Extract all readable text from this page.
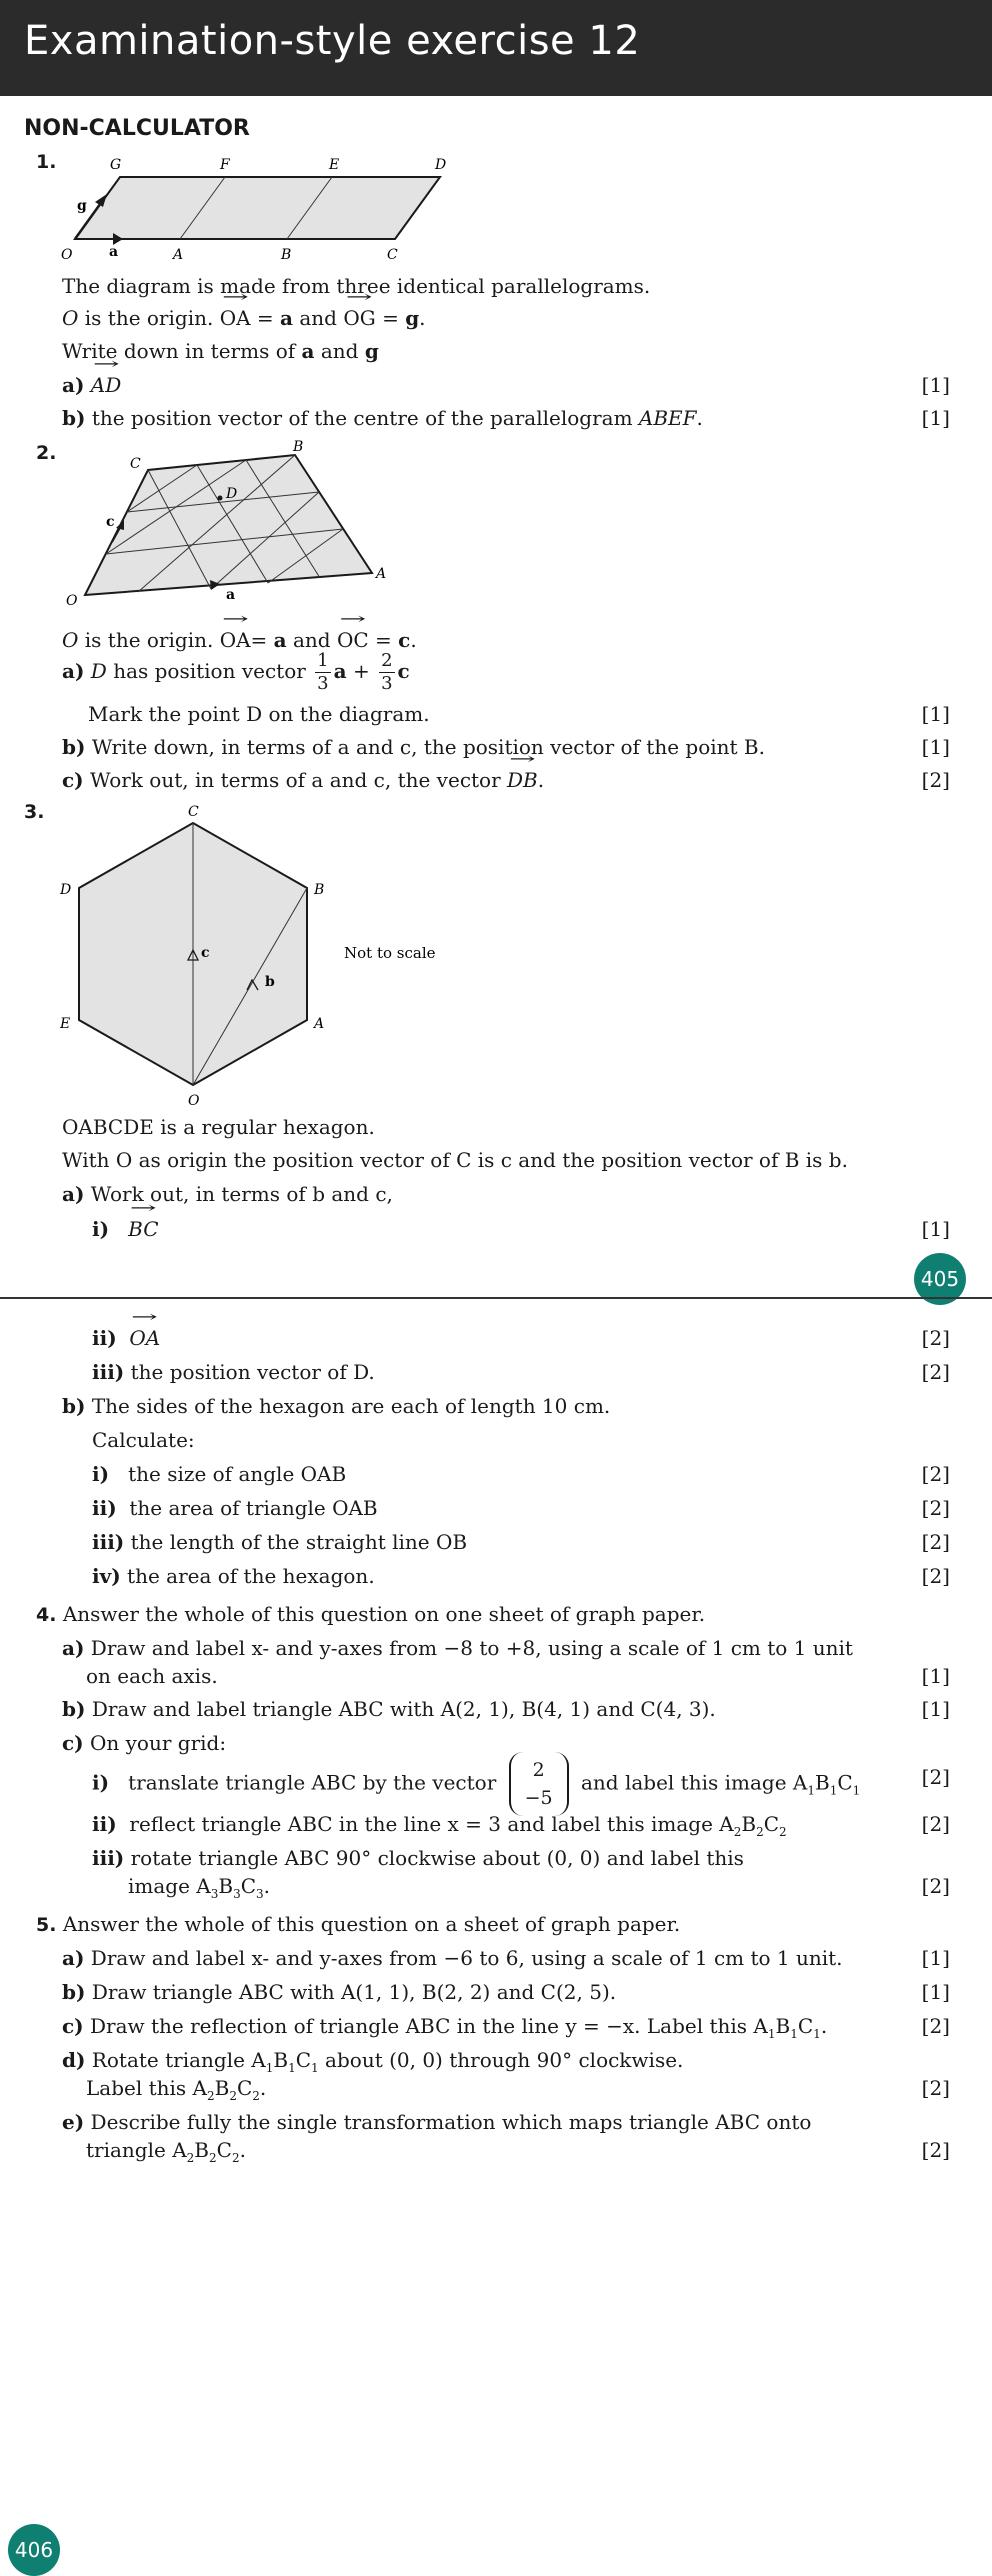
Examination-style exercise 12
NON-CALCULATOR
1.	G	F	E	D
O	A	B	C
g
a
The diagram is made from three identical parallelograms.
O is the origin. → OA = a and → OG = g.
Write down in terms of a and g
a) → AD	[1]
b) the position vector of the centre of the parallelogram ABEF.	[1]
2.	C
B
D
c
O
A
a
O is the origin. → OA= a and → OC = c.
a) D has position vector $\frac{1}{3}$ $a + \frac{2}{3}$ c
Mark the point D on the diagram.	[1]
b) Write down, in terms of a and c, the position vector of the point B.	[1]
c) Work out, in terms of a and c, the vector → DB.	[2]
3.	C
D	B
E	A
O
c
b
Not to scale
OABCDE is a regular hexagon.
With O as origin the position vector of C is c and the position vector of B is b.
a) Work out, in terms of b and c,
i) → BC	[1]
405
ii) → OA	[2]
iii) the position vector of D.	[2]
b) The sides of the hexagon are each of length 10 cm.
Calculate:
i) the size of angle OAB	[2]
ii) the area of triangle OAB	[2]
iii) the length of the straight line OB	[2]
iv) the area of the hexagon.	[2]
4. Answer the whole of this question on one sheet of graph paper.
a) Draw and label x- and y-axes from −8 to +8, using a scale of 1 cm to 1 unit
on each axis.	[1]
b) Draw and label triangle ABC with A(2, 1), B(4, 1) and C(4, 3).	[1]
c) On your grid:
i) translate triangle ABC by the vector 2
−5 and label this image $A_1B_1C_1$
[2]
ii) reflect triangle ABC in the line x = 3 and label this image $A_2B_2C_2$	[2]
iii) rotate triangle ABC 90° clockwise about (0, 0) and label this
image $A_3B_3C_3$.	[2]
5. Answer the whole of this question on a sheet of graph paper.
a) Draw and label x- and y-axes from −6 to 6, using a scale of 1 cm to 1 unit.	[1]
b) Draw triangle ABC with A(1, 1), B(2, 2) and C(2, 5).	[1]
c) Draw the reflection of triangle ABC in the line y = −x. Label this $A_1B_1C_1$.	[2]
d) Rotate triangle $A_1B_1C_1$ about (0, 0) through 90° clockwise.
Label this $A_2B_2C_2$.	[2]
e) Describe fully the single transformation which maps triangle ABC onto
triangle $A_2B_2C_2$.	[2]
406
